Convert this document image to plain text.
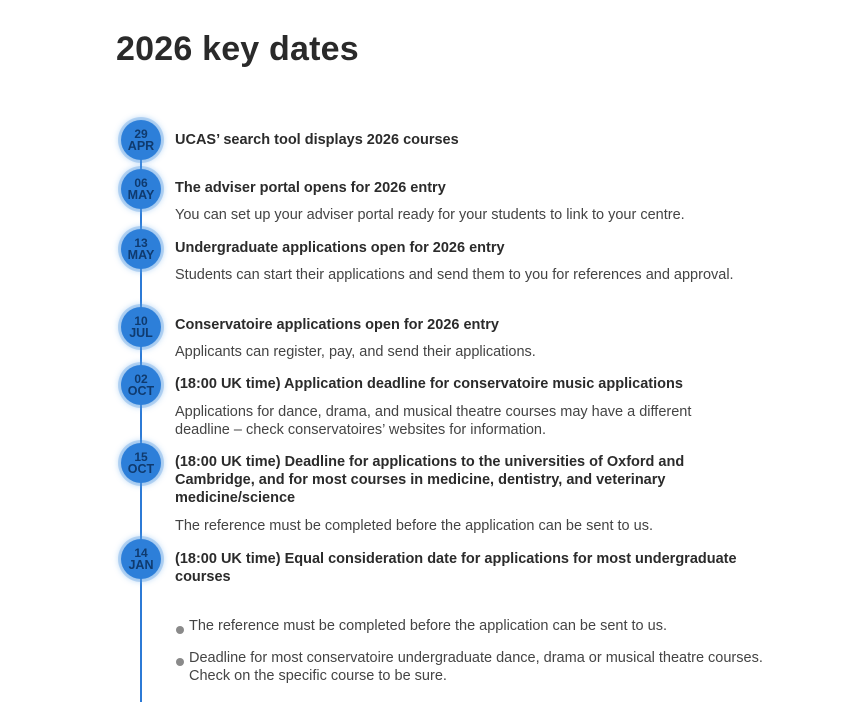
2026 key dates
29
APR UCAS’ search tool displays 2026 courses

06
MAY The adviser portal opens for 2026 entry

You can set up your adviser portal ready for your students to link to your centre.

13
MAY Undergraduate applications open for 2026 entry

Students can start their applications and send them to you for references and approval.

10
JUL Conservatoire applications open for 2026 entry

Applicants can register, pay, and send their applications.

02
OCT (18:00 UK time) Application deadline for conservatoire music applications

Applications for dance, drama, and musical theatre courses may have a different deadline – check conservatoires’ websites for information.

15
OCT (18:00 UK time) Deadline for applications to the universities of Oxford and Cambridge, and for most courses in medicine, dentistry, and veterinary medicine/science

The reference must be completed before the application can be sent to us.

14
JAN (18:00 UK time) Equal consideration date for applications for most undergraduate courses

The reference must be completed before the application can be sent to us.
Deadline for most conservatoire undergraduate dance, drama or musical theatre courses. Check on the specific course to be sure.
